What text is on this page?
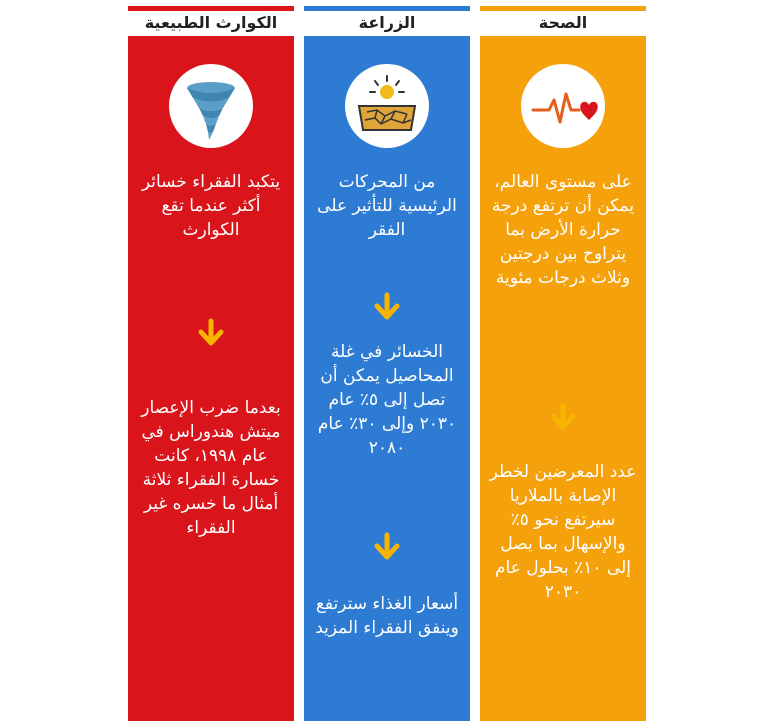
الكوارث الطبيعية
يتكبد الفقراء خسائر أكثر عندما تقع الكوارث
بعدما ضرب الإعصار ميتش هندوراس في عام ١٩٩٨، كانت خسارة الفقراء ثلاثة أمثال ما خسره غير الفقراء
الزراعة
من المحركات الرئيسية للتأثير على الفقر
الخسائر في غلة المحاصيل يمكن أن تصل إلى ٥٪ عام ٢٠٣٠ وإلى ٣٠٪ عام ٢٠٨٠
أسعار الغذاء سترتفع وينفق الفقراء المزيد
الصحة
على مستوى العالم، يمكن أن ترتفع درجة حرارة الأرض بما يتراوح بين درجتين وثلاث درجات مئوية
عدد المعرضين لخطر الإصابة بالملاريا سيرتفع نحو ٥٪ والإسهال بما يصل إلى ١٠٪ بحلول عام ٢٠٣٠
